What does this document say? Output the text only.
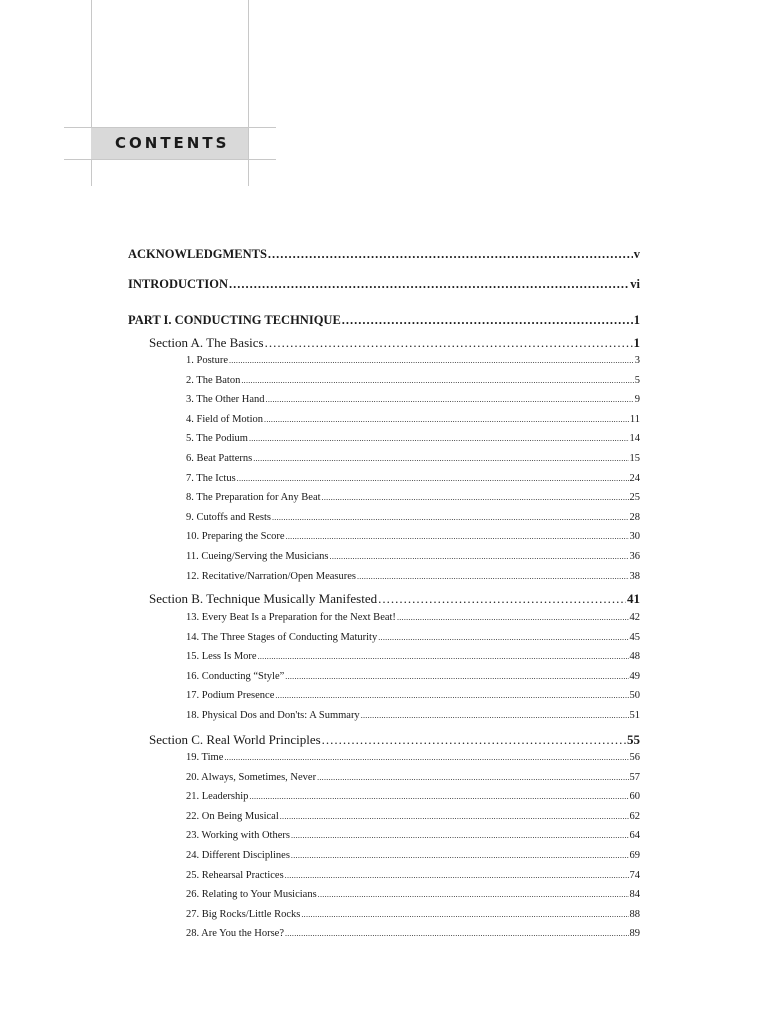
CONTENTS
ACKNOWLEDGMENTS .....	v
INTRODUCTION .....	vi
PART I. CONDUCTING TECHNIQUE .....	1
Section A. The Basics .....	1
1. Posture .....	3
2. The Baton .....	5
3. The Other Hand .....	9
4. Field of Motion .....	11
5. The Podium .....	14
6. Beat Patterns .....	15
7. The Ictus .....	24
8. The Preparation for Any Beat .....	25
9. Cutoffs and Rests .....	28
10. Preparing the Score .....	30
11. Cueing/Serving the Musicians .....	36
12. Recitative/Narration/Open Measures .....	38
Section B. Technique Musically Manifested .....	41
13. Every Beat Is a Preparation for the Next Beat! .....	42
14. The Three Stages of Conducting Maturity .....	45
15. Less Is More .....	48
16. Conducting “Style” .....	49
17. Podium Presence .....	50
18. Physical Dos and Don'ts: A Summary .....	51
Section C. Real World Principles .....	55
19. Time .....	56
20. Always, Sometimes, Never .....	57
21. Leadership .....	60
22. On Being Musical .....	62
23. Working with Others .....	64
24. Different Disciplines .....	69
25. Rehearsal Practices .....	74
26. Relating to Your Musicians .....	84
27. Big Rocks/Little Rocks .....	88
28. Are You the Horse? .....	89
